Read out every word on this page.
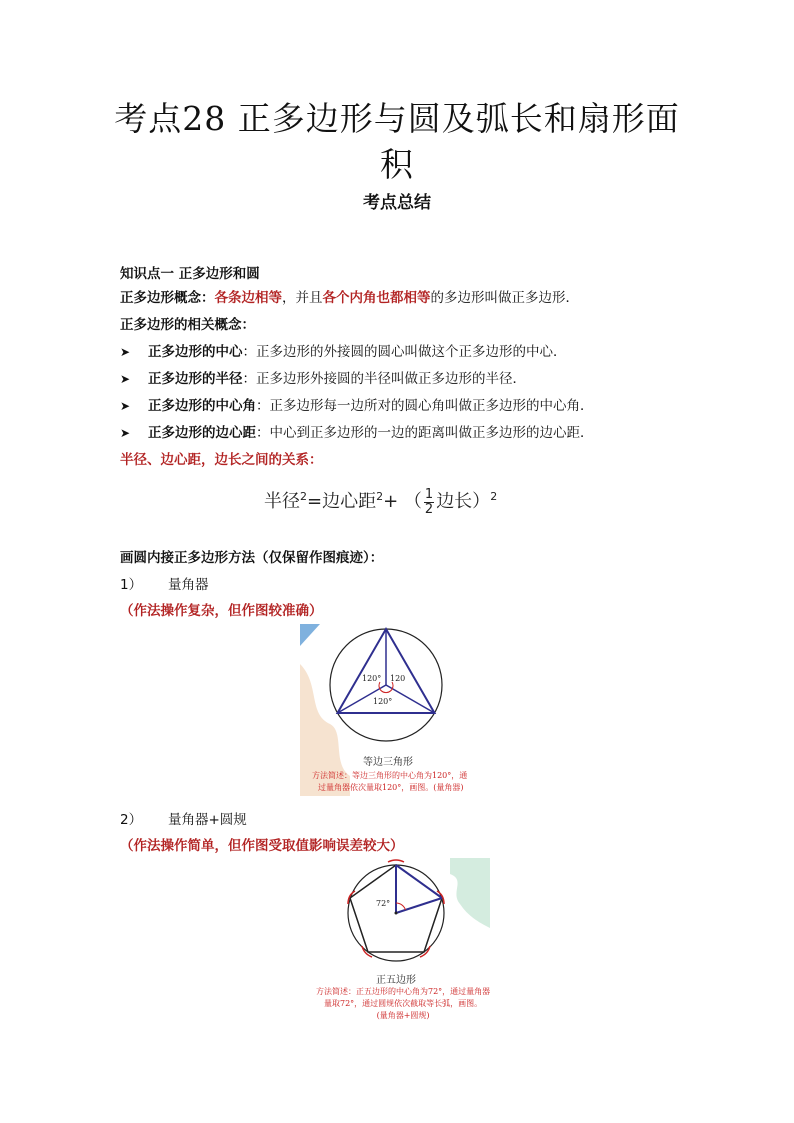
考点28 正多边形与圆及弧长和扇形面积
考点总结
知识点一 正多边形和圆
正多边形概念：各条边相等，并且各个内角也都相等的多边形叫做正多边形．
正多边形的相关概念：
➤ 正多边形的中心：正多边形的外接圆的圆心叫做这个正多边形的中心．
➤ 正多边形的半径：正多边形外接圆的半径叫做正多边形的半径．
➤ 正多边形的中心角：正多边形每一边所对的圆心角叫做正多边形的中心角．
➤ 正多边形的边心距：中心到正多边形的一边的距离叫做正多边形的边心距．
半径、边心距，边长之间的关系：
半径$^2$=边心距$^2$+ （ $\frac{1}{2}$ 边长）$^2$
画圆内接正多边形方法（仅保留作图痕迹）：
1） 量角器
（作法操作复杂，但作图较准确）
120° 120
120°
等边三角形
方法简述：等边三角形的中心角为120°，通
过量角器依次量取120°，画图。(量角器)
2） 量角器+圆规
（作法操作简单，但作图受取值影响误差较大）
72°
正五边形
方法简述：正五边形的中心角为72°，通过量角器
量取72°，通过圆规依次截取等长弧，画图。
(量角器+圆规)
